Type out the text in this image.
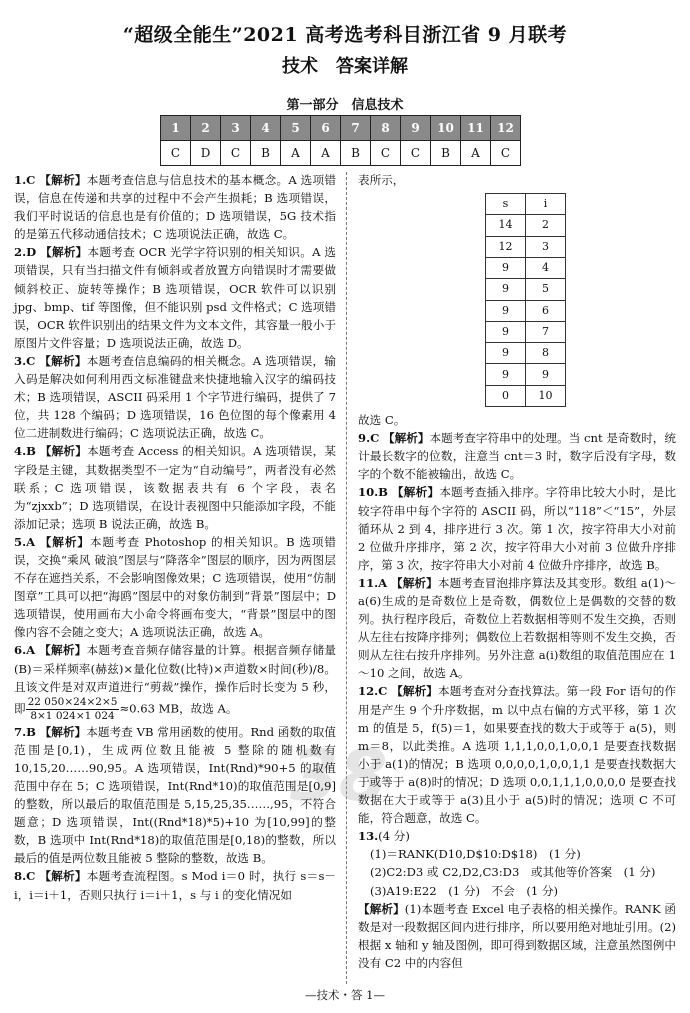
“超级全能生”2021 高考选考科目浙江省 9 月联考
技术　答案详解
第一部分　信息技术
1	2	3	4	5	6	7	8	9	10	11	12
C	D	C	B	A	A	B	C	C	B	A	C
38
1.C 【解析】本题考查信息与信息技术的基本概念。A 选项错误，信息在传递和共享的过程中不会产生损耗；B 选项错误，我们平时说话的信息也是有价值的；D 选项错误，5G 技术指的是第五代移动通信技术；C 选项说法正确，故选 C。
2.D 【解析】本题考查 OCR 光学字符识别的相关知识。A 选项错误，只有当扫描文件有倾斜或者放置方向错误时才需要做倾斜校正、旋转等操作；B 选项错误，OCR 软件可以识别 jpg、bmp、tif 等图像，但不能识别 psd 文件格式；C 选项错误，OCR 软件识别出的结果文件为文本文件，其容量一般小于原图片文件容量；D 选项说法正确，故选 D。
3.C 【解析】本题考查信息编码的相关概念。A 选项错误，输入码是解决如何利用西文标准键盘来快捷地输入汉字的编码技术；B 选项错误，ASCII 码采用 1 个字节进行编码，提供了 7 位，共 128 个编码；D 选项错误，16 色位图的每个像素用 4 位二进制数进行编码；C 选项说法正确，故选 C。
4.B 【解析】本题考查 Access 的相关知识。A 选项错误，某字段是主键，其数据类型不一定为“自动编号”，两者没有必然联系；C 选项错误，该数据表共有 6 个字段，表名为“zjxxb”；D 选项错误，在设计表视图中只能添加字段，不能添加记录；选项 B 说法正确，故选 B。
5.A 【解析】本题考查 Photoshop 的相关知识。B 选项错误，交换“乘风 破浪”图层与“降落伞”图层的顺序，因为两图层不存在遮挡关系，不会影响图像效果；C 选项错误，使用“仿制图章”工具可以把“海鸥”图层中的对象仿制到“背景”图层中；D 选项错误，使用画布大小命令将画布变大，“背景”图层中的图像内容不会随之变大；A 选项说法正确，故选 A。
6.A 【解析】本题考查音频存储容量的计算。根据音频存储量(B)＝采样频率(赫兹)×量化位数(比特)×声道数×时间(秒)/8。且该文件是对双声道进行“剪裁”操作，操作后时长变为 5 秒，即 $\frac{22 050\times 24\times 2\times 5}{8\times 1 024\times 1 024} \approx 0.63$ MB，故选 A。
7.B 【解析】本题考查 VB 常用函数的使用。Rnd 函数的取值范围是[0,1)，生成两位数且能被 5 整除的随机数有 10,15,20……90,95。A 选项错误，Int(Rnd)*90+5 的取值范围中存在 5；C 选项错误，Int(Rnd*10)的取值范围是[0,9]的整数，所以最后的取值范围是 5,15,25,35……,95，不符合题意；D 选项错误，Int((Rnd*18)*5)+10 为[10,99]的整数，B 选项中 Int(Rnd*18)的取值范围是[0,18)的整数，所以最后的值是两位数且能被 5 整除的整数，故选 B。
8.C 【解析】本题考查流程图。s Mod i＝0 时，执行 s＝s－i，i＝i＋1，否则只执行 i＝i＋1，s 与 i 的变化情况如
表所示，
s	i
14	2
12	3
9	4
9	5
9	6
9	7
9	8
9	9
0	10
故选 C。
9.C 【解析】本题考查字符串中的处理。当 cnt 是奇数时，统计最长数字的位数，注意当 cnt＝3 时，数字后没有字母，数字的个数不能被输出，故选 C。
10.B 【解析】本题考查插入排序。字符串比较大小时，是比较字符串中每个字符的 ASCII 码，所以“118”＜“15”，外层循环从 2 到 4，排序进行 3 次。第 1 次，按字符串大小对前 2 位做升序排序，第 2 次，按字符串大小对前 3 位做升序排序，第 3 次，按字符串大小对前 4 位做升序排序，故选 B。
11.A 【解析】本题考查冒泡排序算法及其变形。数组 a(1)～a(6)生成的是奇数位上是奇数，偶数位上是偶数的交替的数列。执行程序段后，奇数位上若数据相等则不发生交换，否则从左往右按降序排列；偶数位上若数据相等则不发生交换，否则从左往右按升序排列。另外注意 a(i)数组的取值范围应在 1～10 之间，故选 A。
12.C 【解析】本题考查对分查找算法。第一段 For 语句的作用是产生 9 个升序数据，m 以中点右偏的方式平移，第 1 次 m 的值是 5，f(5)＝1，如果要查找的数大于或等于 a(5)，则 m＝8，以此类推。A 选项 1,1,1,0,0,1,0,0,1 是要查找数据小于 a(1)的情况；B 选项 0,0,0,0,1,0,0,1,1 是要查找数据大于或等于 a(8)时的情况；D 选项 0,0,1,1,1,0,0,0,0 是要查找数据在大于或等于 a(3)且小于 a(5)时的情况；选项 C 不可能，符合题意，故选 C。
13.(4 分)
(1)＝RANK(D10,D$10:D$18)　(1 分)
(2)C2:D3 或 C2,D2,C3:D3　或其他等价答案　(1 分)
(3)A19:E22　(1 分)　不会　(1 分)
【解析】(1)本题考查 Excel 电子表格的相关操作。RANK 函数是对一段数据区间内进行排序，所以要用绝对地址引用。(2)根据 x 轴和 y 轴及图例，即可得到数据区域，注意虽然图例中没有 C2 中的内容但
—技术・答 1—
